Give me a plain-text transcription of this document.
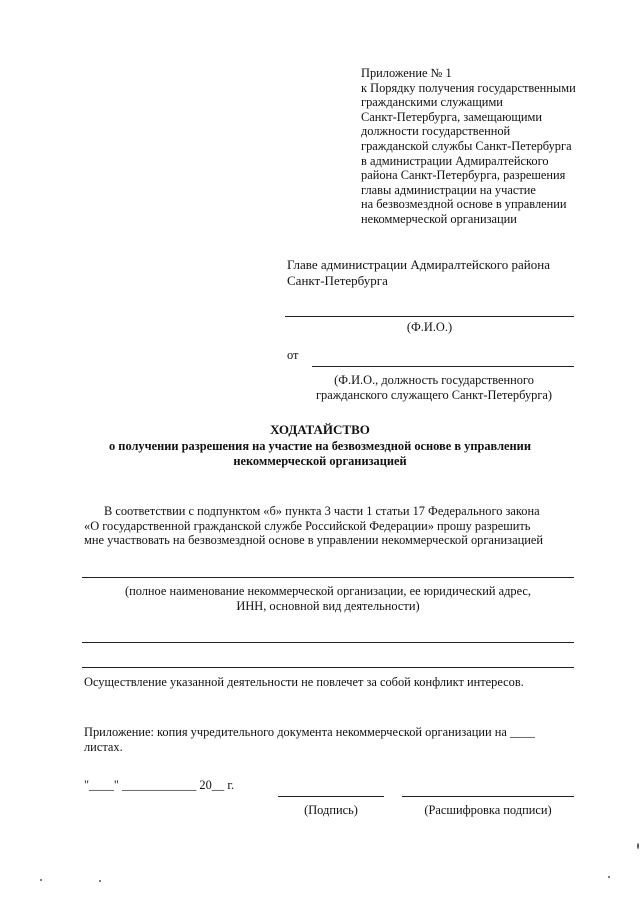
Приложение № 1
к Порядку получения государственными
гражданскими служащими
Санкт-Петербурга, замещающими
должности государственной
гражданской службы Санкт-Петербурга
в администрации Адмиралтейского
района Санкт-Петербурга, разрешения
главы администрации на участие
на безвозмездной основе в управлении
некоммерческой организации
Главе администрации Адмиралтейского района
Санкт-Петербурга
(Ф.И.О.)
от
(Ф.И.О., должность государственного
гражданского служащего Санкт-Петербурга)
ХОДАТАЙСТВО
о получении разрешения на участие на безвозмездной основе в управлении
некоммерческой организацией
В соответствии с подпунктом «б» пункта 3 части 1 статьи 17 Федерального закона
«О государственной гражданской службе Российской Федерации» прошу разрешить
мне участвовать на безвозмездной основе в управлении некоммерческой организацией
(полное наименование некоммерческой организации, ее юридический адрес,
ИНН, основной вид деятельности)
Осуществление указанной деятельности не повлечет за собой конфликт интересов.
Приложение: копия учредительного документа некоммерческой организации на ____
листах.
"____" ____________ 20__ г.
(Подпись)	(Расшифровка подписи)
